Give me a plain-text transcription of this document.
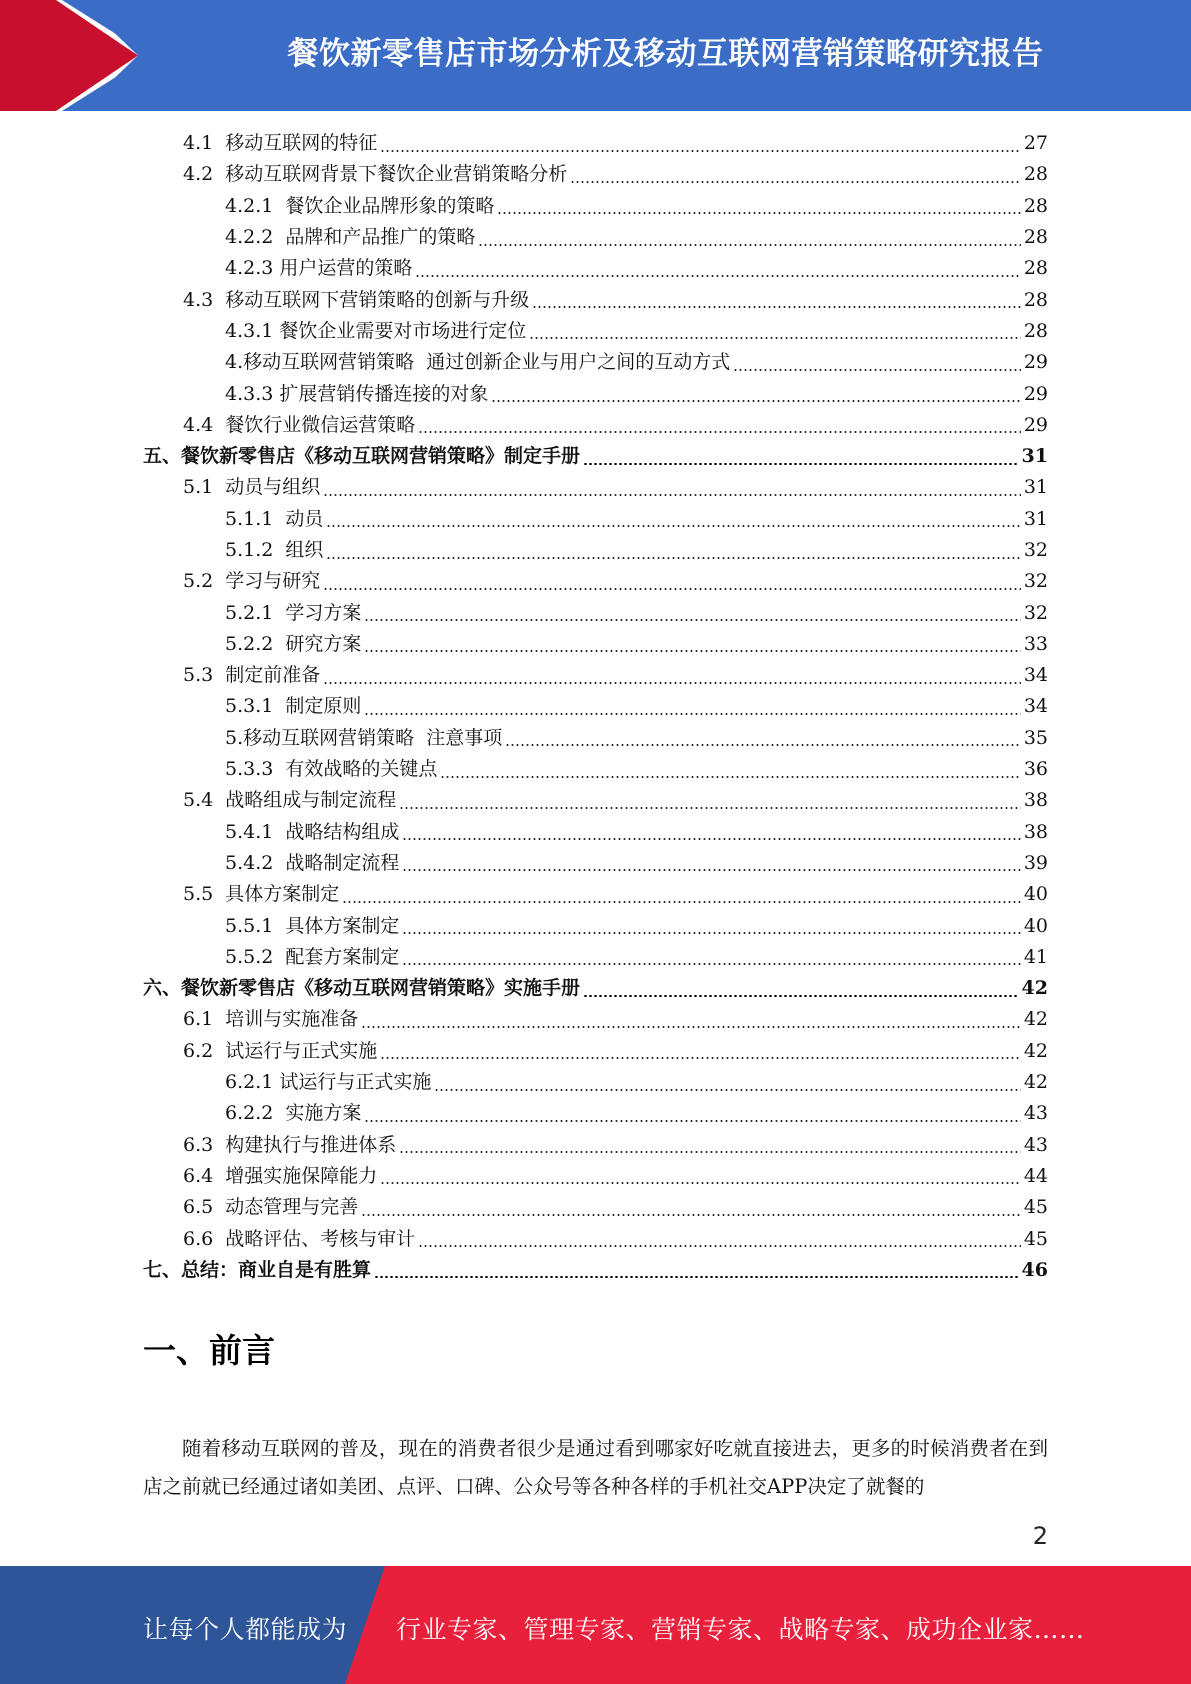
餐饮新零售店市场分析及移动互联网营销策略研究报告
4.1  移动互联网的特征	27
4.2  移动互联网背景下餐饮企业营销策略分析	28
4.2.1  餐饮企业品牌形象的策略	28
4.2.2  品牌和产品推广的策略	28
4.2.3 用户运营的策略	28
4.3  移动互联网下营销策略的创新与升级	28
4.3.1 餐饮企业需要对市场进行定位	28
4.移动互联网营销策略  通过创新企业与用户之间的互动方式	29
4.3.3 扩展营销传播连接的对象	29
4.4  餐饮行业微信运营策略	29
五、餐饮新零售店《移动互联网营销策略》制定手册	31
5.1  动员与组织	31
5.1.1  动员	31
5.1.2  组织	32
5.2  学习与研究	32
5.2.1  学习方案	32
5.2.2  研究方案	33
5.3  制定前准备	34
5.3.1  制定原则	34
5.移动互联网营销策略  注意事项	35
5.3.3  有效战略的关键点	36
5.4  战略组成与制定流程	38
5.4.1  战略结构组成	38
5.4.2  战略制定流程	39
5.5  具体方案制定	40
5.5.1  具体方案制定	40
5.5.2  配套方案制定	41
六、餐饮新零售店《移动互联网营销策略》实施手册	42
6.1  培训与实施准备	42
6.2  试运行与正式实施	42
6.2.1 试运行与正式实施	42
6.2.2  实施方案	43
6.3  构建执行与推进体系	43
6.4  增强实施保障能力	44
6.5  动态管理与完善	45
6.6  战略评估、考核与审计	45
七、总结：商业自是有胜算	46
一、前言

随着移动互联网的普及，现在的消费者很少是通过看到哪家好吃就直接进去，更多的时候消费者在到店之前就已经通过诸如美团、点评、口碑、公众号等各种各样的手机社交APP决定了就餐的

2
让每个人都能成为 行业专家、管理专家、营销专家、战略专家、成功企业家……
